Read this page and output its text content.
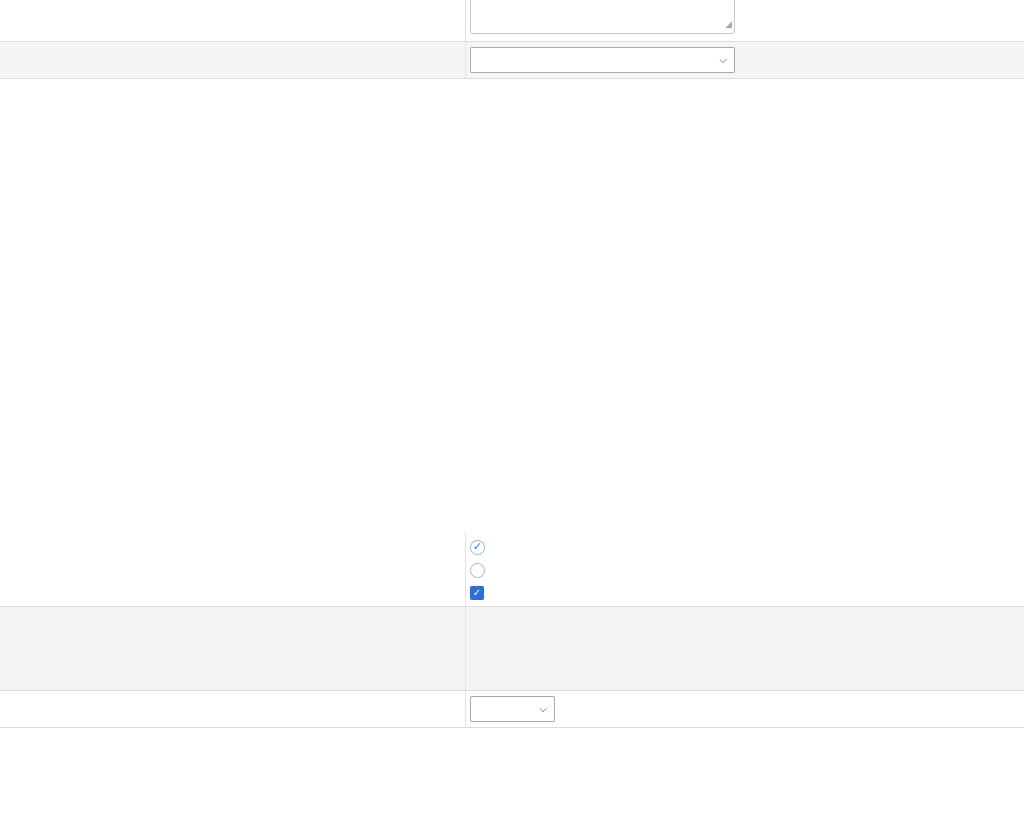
◢
⌵
✓
✓
⌵
